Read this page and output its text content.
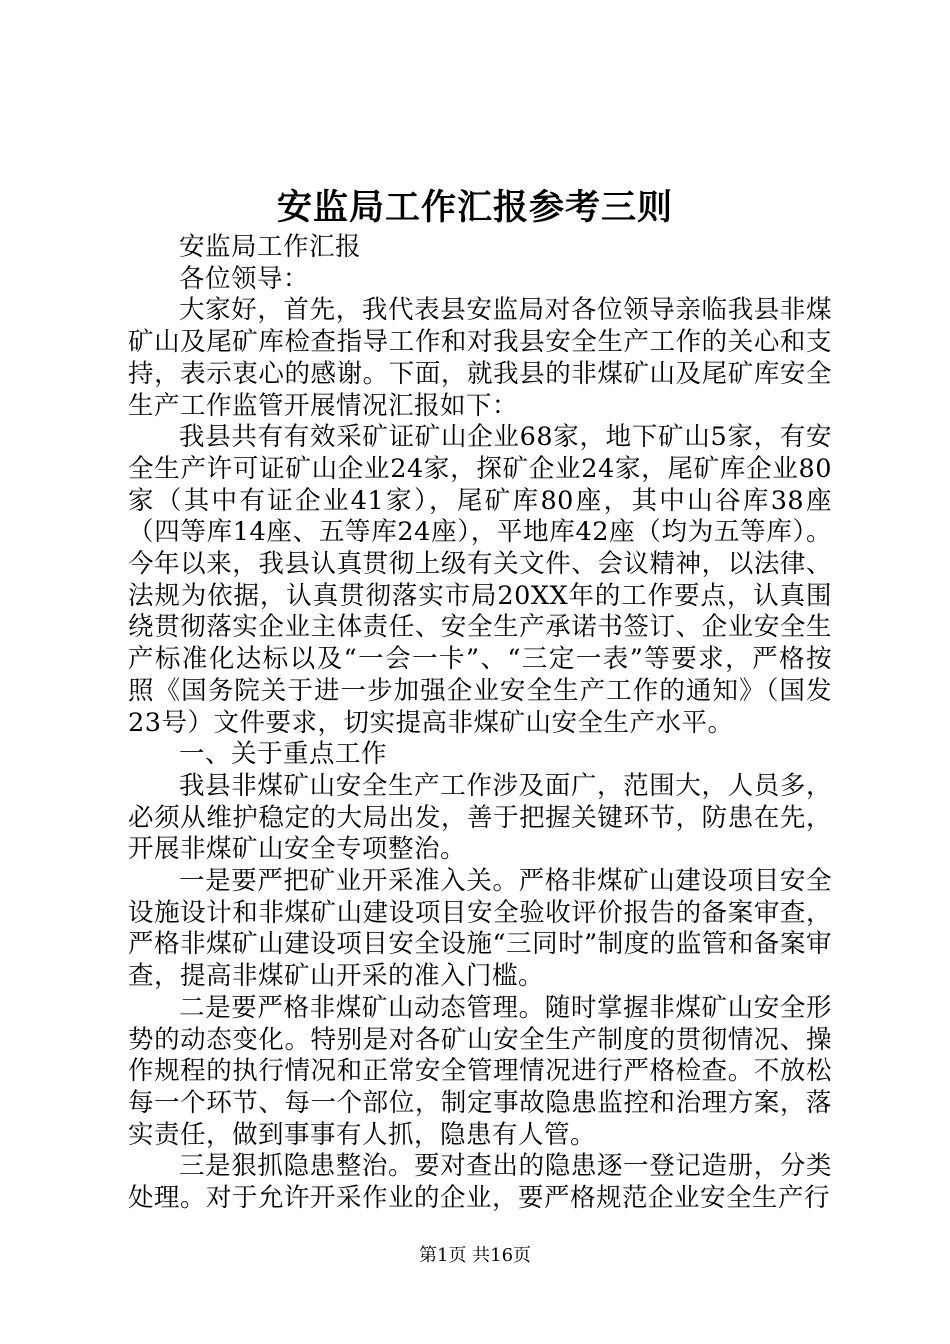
安监局工作汇报参考三则

安监局工作汇报

各位领导：

大家好，首先，我代表县安监局对各位领导亲临我县非煤矿山及尾矿库检查指导工作和对我县安全生产工作的关心和支持，表示衷心的感谢。下面，就我县的非煤矿山及尾矿库安全生产工作监管开展情况汇报如下：

我县共有有效采矿证矿山企业68家，地下矿山5家，有安全生产许可证矿山企业24家，探矿企业24家，尾矿库企业80家（其中有证企业41家），尾矿库80座，其中山谷库38座（四等库14座、五等库24座），平地库42座（均为五等库）。今年以来，我县认真贯彻上级有关文件、会议精神，以法律、法规为依据，认真贯彻落实市局20XX年的工作要点，认真围绕贯彻落实企业主体责任、安全生产承诺书签订、企业安全生产标准化达标以及“一会一卡”、“三定一表”等要求，严格按照《国务院关于进一步加强企业安全生产工作的通知》（国发23号）文件要求，切实提高非煤矿山安全生产水平。

一、关于重点工作

我县非煤矿山安全生产工作涉及面广，范围大，人员多，必须从维护稳定的大局出发，善于把握关键环节，防患在先，开展非煤矿山安全专项整治。

一是要严把矿业开采准入关。严格非煤矿山建设项目安全设施设计和非煤矿山建设项目安全验收评价报告的备案审查，严格非煤矿山建设项目安全设施“三同时”制度的监管和备案审查，提高非煤矿山开采的准入门槛。

二是要严格非煤矿山动态管理。随时掌握非煤矿山安全形势的动态变化。特别是对各矿山安全生产制度的贯彻情况、操作规程的执行情况和正常安全管理情况进行严格检查。不放松每一个环节、每一个部位，制定事故隐患监控和治理方案，落实责任，做到事事有人抓，隐患有人管。

三是狠抓隐患整治。要对查出的隐患逐一登记造册，分类处理。对于允许开采作业的企业，要严格规范企业安全生产行

第1页 共16页
